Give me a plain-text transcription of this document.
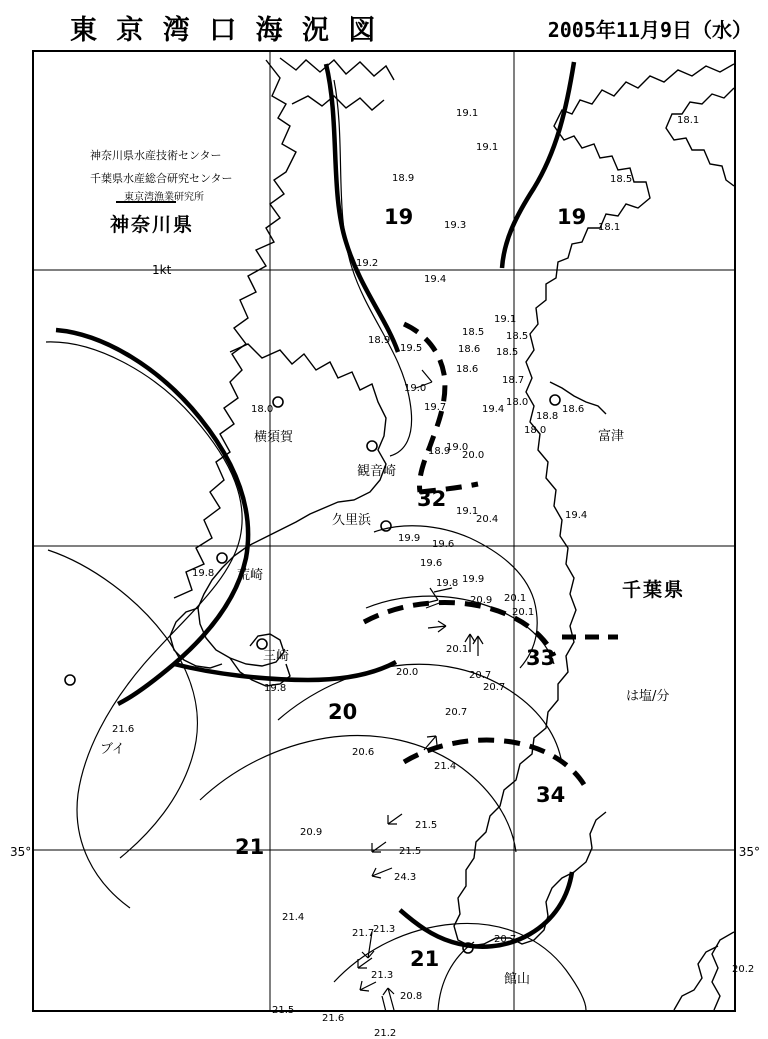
東 京 湾 口 海 況 図	2005年11月9日（水）
神奈川県水産技術センター
千葉県水産総合研究センター
東京湾漁業研究所
神奈川県
千葉県
1kt
は塩/分
ブイ
35°	35°
横須賀
観音崎
久里浜
荒崎
三崎
富津
館山
19	19
32
33
34
20
21
21
19.1
18.1
19.1
18.9	18.5
19.3	18.1
19.2
19.4
18.9
19.5
18.5
19.1
18.5
18.6
18.6
18.5
19.0
18.7
18.0
18.0	19.7	18.6
18.8
18.0
18.9
19.0
20.0
19.4
19.1
20.4	19.4
19.9
19.6
19.6
19.8
19.8 19.9
20.9 20.1
20.1
19.8
20.1
20.0	20.7
20.7
20.7
21.6
20.6
21.4
20.9
21.5
21.5
24.3
21.4
21.7
21.3
20.7
21.3
20.8
21.5
21.6
21.2
20.2
